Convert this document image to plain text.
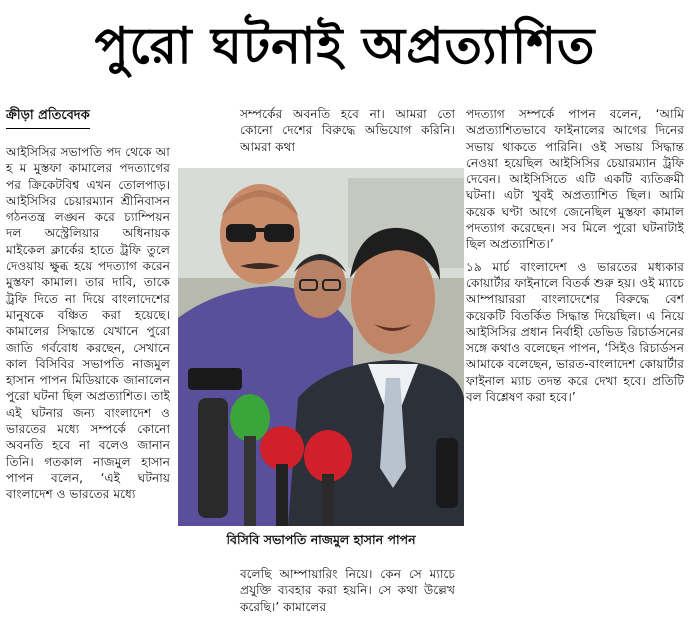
পুরো ঘটনাই অপ্রত্যাশিত
ক্রীড়া প্রতিবেদক

আইসিসির সভাপতি পদ থেকে আ হ ম মুস্তফা কামালের পদত্যাগের পর ক্রিকেটবিশ্ব এখন তোলপাড়। আইসিসির চেয়ারম্যান শ্রীনিবাসন গঠনতন্ত্র লঙ্ঘন করে চ্যাম্পিয়ন দল অস্ট্রেলিয়ার অধিনায়ক মাইকেল ক্লার্কের হাতে ট্রফি তুলে দেওয়ায় ক্ষুব্ধ হয়ে পদত্যাগ করেন মুস্তফা কামাল। তার দাবি, তাকে ট্রফি দিতে না দিয়ে বাংলাদেশের মানুষকে বঞ্চিত করা হয়েছে। কামালের সিদ্ধান্তে যেখানে পুরো জাতি গর্ববোধ করছেন, সেখানে কাল বিসিবির সভাপতি নাজমুল হাসান পাপন মিডিয়াকে জানালেন পুরো ঘটনা ছিল অপ্রত্যাশিত। তাই এই ঘটনার জন্য বাংলাদেশ ও ভারতের মধ্যে সম্পর্কে কোনো অবনতি হবে না বলেও জানান তিনি। গতকাল নাজমুল হাসান পাপন বলেন, ‘এই ঘটনায় বাংলাদেশ ও ভারতের মধ্যে

সম্পর্কের অবনতি হবে না। আমরা তো কোনো দেশের বিরুদ্ধে অভিযোগ করিনি। আমরা কথা

বিসিবি সভাপতি নাজমুল হাসান পাপন

বলেছি আম্পায়ারিং নিয়ে। কেন সে ম্যাচে প্রযুক্তি ব্যবহার করা হয়নি। সে কথা উল্লেখ করেছি।’ কামালের

পদত্যাগ সম্পর্কে পাপন বলেন, ‘আমি অপ্রত্যাশিতভাবে ফাইনালের আগের দিনের সভায় থাকতে পারিনি। ওই সভায় সিদ্ধান্ত নেওয়া হয়েছিল আইসিসির চেয়ারম্যান ট্রফি দেবেন। আইসিসিতে এটি একটি ব্যতিক্রমী ঘটনা। এটা খুবই অপ্রত্যাশিত ছিল। আমি কয়েক ঘণ্টা আগে জেনেছিল মুস্তফা কামাল পদত্যাগ করেছেন। সব মিলে পুরো ঘটনাটাই ছিল অপ্রত্যাশিত।’

১৯ মার্চ বাংলাদেশ ও ভারতের মধ্যকার কোয়ার্টার ফাইনালে বিতর্ক শুরু হয়। ওই ম্যাচে আম্পায়াররা বাংলাদেশের বিরুদ্ধে বেশ কয়েকটি বিতর্কিত সিদ্ধান্ত দিয়েছিল। এ নিয়ে আইসিসির প্রধান নির্বাহী ডেভিড রিচার্ডসনের সঙ্গে কথাও বলেছেন পাপন, ‘সিইও রিচার্ডসন আমাকে বলেছেন, ভারত-বাংলাদেশ কোয়ার্টার ফাইনাল ম্যাচ তদন্ত করে দেখা হবে। প্রতিটি বল বিশ্লেষণ করা হবে।’
